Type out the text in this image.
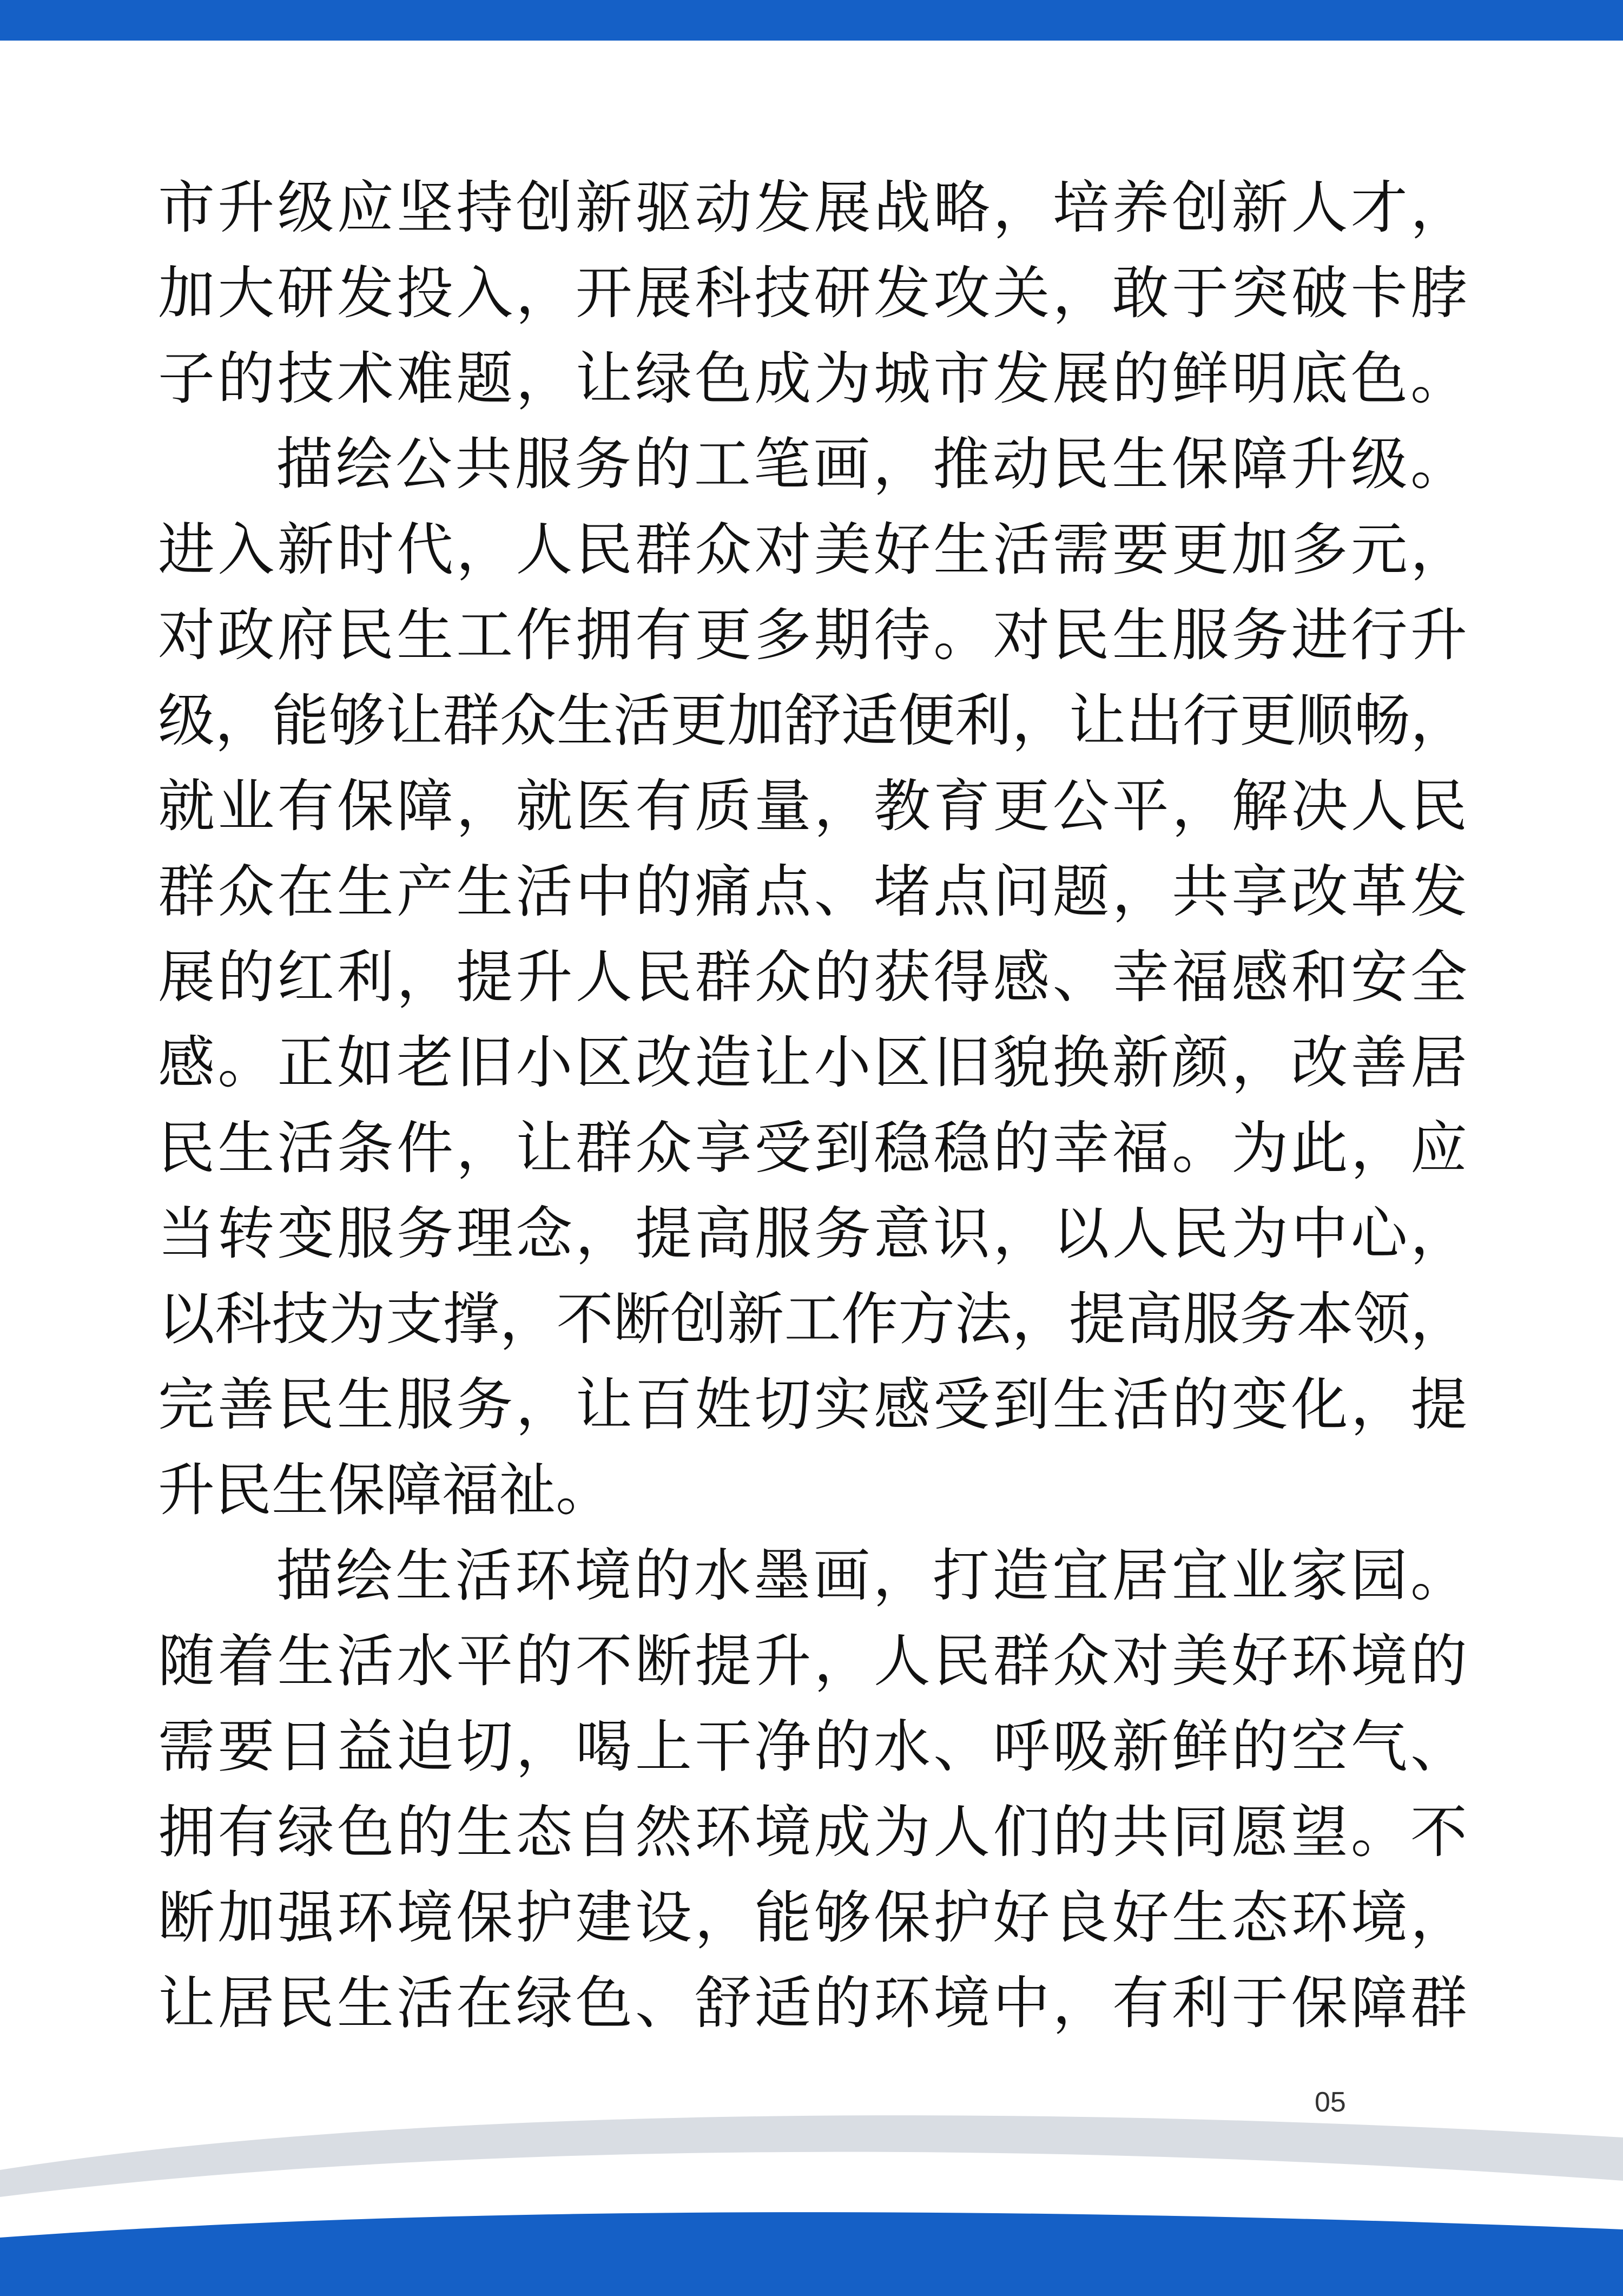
市升级应坚持创新驱动发展战略，培养创新人才，
加大研发投入，开展科技研发攻关，敢于突破卡脖
子的技术难题，让绿色成为城市发展的鲜明底色。
描绘公共服务的工笔画，推动民生保障升级。
进入新时代，人民群众对美好生活需要更加多元，
对政府民生工作拥有更多期待。对民生服务进行升
级，能够让群众生活更加舒适便利，让出行更顺畅，
就业有保障，就医有质量，教育更公平，解决人民
群众在生产生活中的痛点、堵点问题，共享改革发
展的红利，提升人民群众的获得感、幸福感和安全
感。正如老旧小区改造让小区旧貌换新颜，改善居
民生活条件，让群众享受到稳稳的幸福。为此，应
当转变服务理念，提高服务意识，以人民为中心，
以科技为支撑，不断创新工作方法，提高服务本领，
完善民生服务，让百姓切实感受到生活的变化，提
升民生保障福祉。
描绘生活环境的水墨画，打造宜居宜业家园。
随着生活水平的不断提升，人民群众对美好环境的
需要日益迫切，喝上干净的水、呼吸新鲜的空气、
拥有绿色的生态自然环境成为人们的共同愿望。不
断加强环境保护建设，能够保护好良好生态环境，
让居民生活在绿色、舒适的环境中，有利于保障群
05
